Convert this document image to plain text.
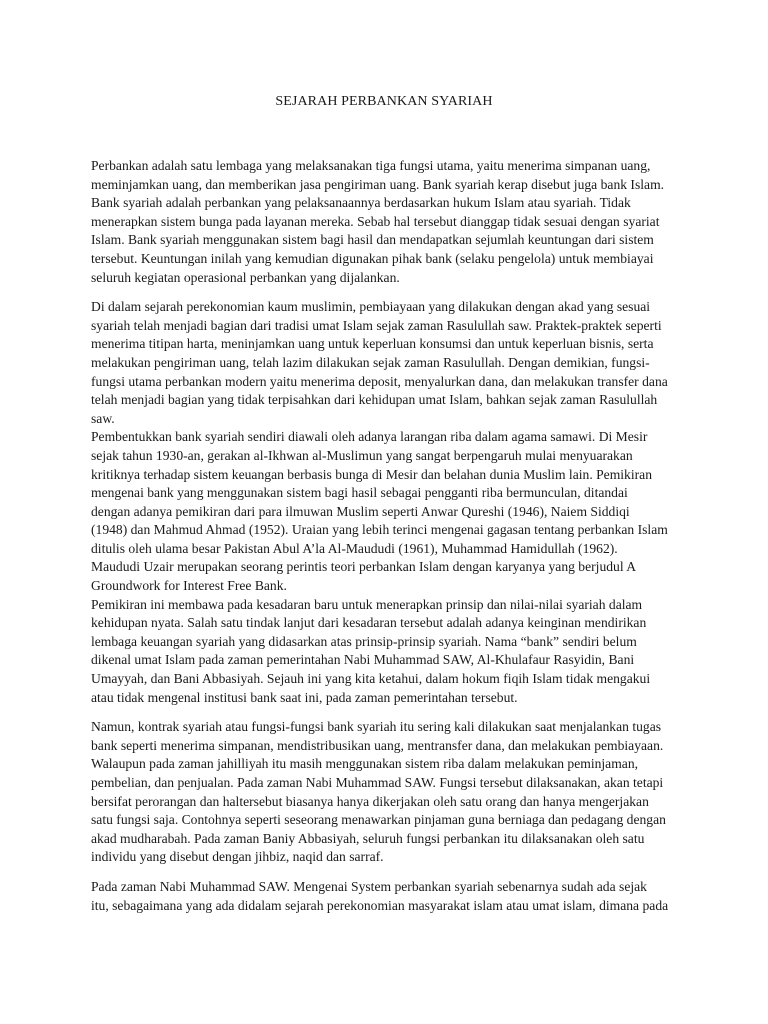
SEJARAH PERBANKAN SYARIAH

Perbankan adalah satu lembaga yang melaksanakan tiga fungsi utama, yaitu menerima simpanan uang,
meminjamkan uang, dan memberikan jasa pengiriman uang. Bank syariah kerap disebut juga bank Islam.
Bank syariah adalah perbankan yang pelaksanaannya berdasarkan hukum Islam atau syariah. Tidak
menerapkan sistem bunga pada layanan mereka. Sebab hal tersebut dianggap tidak sesuai dengan syariat
Islam. Bank syariah menggunakan sistem bagi hasil dan mendapatkan sejumlah keuntungan dari sistem
tersebut. Keuntungan inilah yang kemudian digunakan pihak bank (selaku pengelola) untuk membiayai
seluruh kegiatan operasional perbankan yang dijalankan.

Di dalam sejarah perekonomian kaum muslimin, pembiayaan yang dilakukan dengan akad yang sesuai
syariah telah menjadi bagian dari tradisi umat Islam sejak zaman Rasulullah saw. Praktek-praktek seperti
menerima titipan harta, meninjamkan uang untuk keperluan konsumsi dan untuk keperluan bisnis, serta
melakukan pengiriman uang, telah lazim dilakukan sejak zaman Rasulullah. Dengan demikian, fungsi-
fungsi utama perbankan modern yaitu menerima deposit, menyalurkan dana, dan melakukan transfer dana
telah menjadi bagian yang tidak terpisahkan dari kehidupan umat Islam, bahkan sejak zaman Rasulullah
saw.

Pembentukkan bank syariah sendiri diawali oleh adanya larangan riba dalam agama samawi. Di Mesir
sejak tahun 1930-an, gerakan al-Ikhwan al-Muslimun yang sangat berpengaruh mulai menyuarakan
kritiknya terhadap sistem keuangan berbasis bunga di Mesir dan belahan dunia Muslim lain. Pemikiran
mengenai bank yang menggunakan sistem bagi hasil sebagai pengganti riba bermunculan, ditandai
dengan adanya pemikiran dari para ilmuwan Muslim seperti Anwar Qureshi (1946), Naiem Siddiqi
(1948) dan Mahmud Ahmad (1952). Uraian yang lebih terinci mengenai gagasan tentang perbankan Islam
ditulis oleh ulama besar Pakistan Abul A’la Al-Maududi (1961), Muhammad Hamidullah (1962).
Maududi Uzair merupakan seorang perintis teori perbankan Islam dengan karyanya yang berjudul A
Groundwork for Interest Free Bank.

Pemikiran ini membawa pada kesadaran baru untuk menerapkan prinsip dan nilai-nilai syariah dalam
kehidupan nyata. Salah satu tindak lanjut dari kesadaran tersebut adalah adanya keinginan mendirikan
lembaga keuangan syariah yang didasarkan atas prinsip-prinsip syariah. Nama “bank” sendiri belum
dikenal umat Islam pada zaman pemerintahan Nabi Muhammad SAW, Al-Khulafaur Rasyidin, Bani
Umayyah, dan Bani Abbasiyah. Sejauh ini yang kita ketahui, dalam hokum fiqih Islam tidak mengakui
atau tidak mengenal institusi bank saat ini, pada zaman pemerintahan tersebut.

Namun, kontrak syariah atau fungsi-fungsi bank syariah itu sering kali dilakukan saat menjalankan tugas
bank seperti menerima simpanan, mendistribusikan uang, mentransfer dana, dan melakukan pembiayaan.
Walaupun pada zaman jahilliyah itu masih menggunakan sistem riba dalam melakukan peminjaman,
pembelian, dan penjualan. Pada zaman Nabi Muhammad SAW. Fungsi tersebut dilaksanakan, akan tetapi
bersifat perorangan dan haltersebut biasanya hanya dikerjakan oleh satu orang dan hanya mengerjakan
satu fungsi saja. Contohnya seperti seseorang menawarkan pinjaman guna berniaga dan pedagang dengan
akad mudharabah. Pada zaman Baniy Abbasiyah, seluruh fungsi perbankan itu dilaksanakan oleh satu
individu yang disebut dengan jihbiz, naqid dan sarraf.

Pada zaman Nabi Muhammad SAW. Mengenai System perbankan syariah sebenarnya sudah ada sejak
itu, sebagaimana yang ada didalam sejarah perekonomian masyarakat islam atau umat islam, dimana pada
